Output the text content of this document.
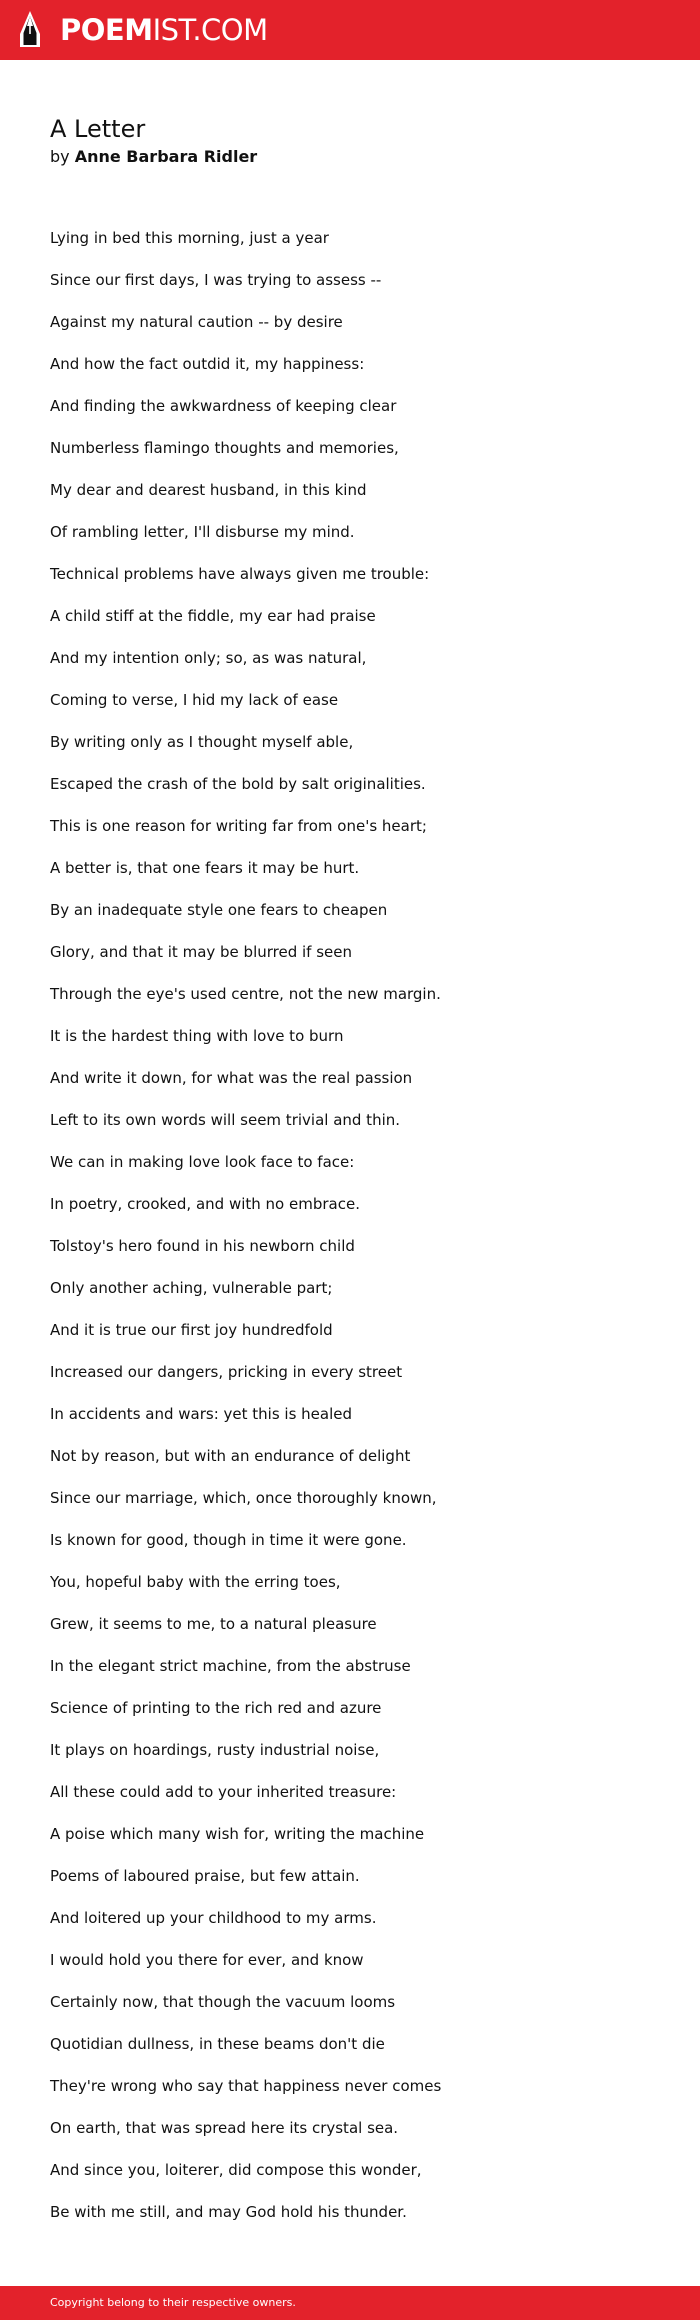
POEMIST.COM
A Letter
by Anne Barbara Ridler
Lying in bed this morning, just a year
Since our first days, I was trying to assess --
Against my natural caution -- by desire
And how the fact outdid it, my happiness:
And finding the awkwardness of keeping clear
Numberless flamingo thoughts and memories,
My dear and dearest husband, in this kind
Of rambling letter, I'll disburse my mind.
Technical problems have always given me trouble:
A child stiff at the fiddle, my ear had praise
And my intention only; so, as was natural,
Coming to verse, I hid my lack of ease
By writing only as I thought myself able,
Escaped the crash of the bold by salt originalities.
This is one reason for writing far from one's heart;
A better is, that one fears it may be hurt.
By an inadequate style one fears to cheapen
Glory, and that it may be blurred if seen
Through the eye's used centre, not the new margin.
It is the hardest thing with love to burn
And write it down, for what was the real passion
Left to its own words will seem trivial and thin.
We can in making love look face to face:
In poetry, crooked, and with no embrace.
Tolstoy's hero found in his newborn child
Only another aching, vulnerable part;
And it is true our first joy hundredfold
Increased our dangers, pricking in every street
In accidents and wars: yet this is healed
Not by reason, but with an endurance of delight
Since our marriage, which, once thoroughly known,
Is known for good, though in time it were gone.
You, hopeful baby with the erring toes,
Grew, it seems to me, to a natural pleasure
In the elegant strict machine, from the abstruse
Science of printing to the rich red and azure
It plays on hoardings, rusty industrial noise,
All these could add to your inherited treasure:
A poise which many wish for, writing the machine
Poems of laboured praise, but few attain.
And loitered up your childhood to my arms.
I would hold you there for ever, and know
Certainly now, that though the vacuum looms
Quotidian dullness, in these beams don't die
They're wrong who say that happiness never comes
On earth, that was spread here its crystal sea.
And since you, loiterer, did compose this wonder,
Be with me still, and may God hold his thunder.
Copyright belong to their respective owners.
